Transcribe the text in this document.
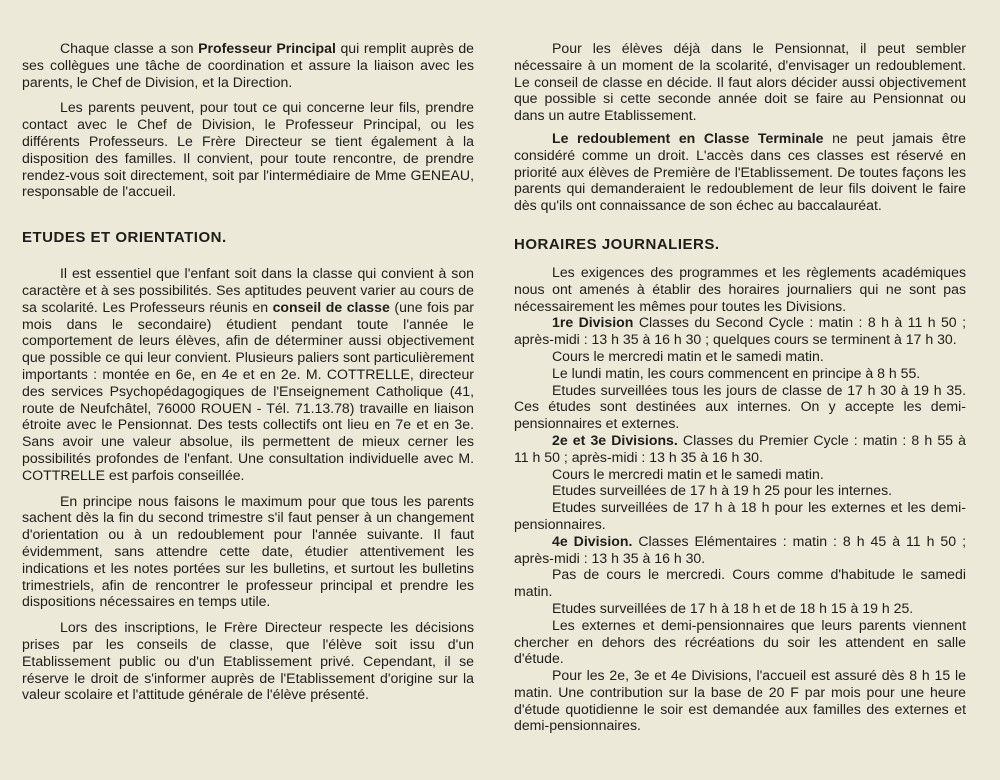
Chaque classe a son Professeur Principal qui remplit auprès de ses collègues une tâche de coordination et assure la liaison avec les parents, le Chef de Division, et la Direction.

Les parents peuvent, pour tout ce qui concerne leur fils, prendre contact avec le Chef de Division, le Professeur Principal, ou les différents Professeurs. Le Frère Directeur se tient également à la disposition des familles. Il convient, pour toute rencontre, de prendre rendez-vous soit directement, soit par l'intermédiaire de Mme GENEAU, responsable de l'accueil.

ETUDES ET ORIENTATION.

Il est essentiel que l'enfant soit dans la classe qui convient à son caractère et à ses possibilités. Ses aptitudes peuvent varier au cours de sa scolarité. Les Professeurs réunis en conseil de classe (une fois par mois dans le secondaire) étudient pendant toute l'année le comportement de leurs élèves, afin de déterminer aussi objectivement que possible ce qui leur convient. Plusieurs paliers sont particulièrement importants : montée en 6e, en 4e et en 2e. M. COTTRELLE, directeur des services Psychopédagogiques de l'Enseignement Catholique (41, route de Neufchâtel, 76000 ROUEN - Tél. 71.13.78) travaille en liaison étroite avec le Pensionnat. Des tests collectifs ont lieu en 7e et en 3e. Sans avoir une valeur absolue, ils permettent de mieux cerner les possibilités profondes de l'enfant. Une consultation individuelle avec M. COTTRELLE est parfois conseillée.

En principe nous faisons le maximum pour que tous les parents sachent dès la fin du second trimestre s'il faut penser à un changement d'orientation ou à un redoublement pour l'année suivante. Il faut évidemment, sans attendre cette date, étudier attentivement les indications et les notes portées sur les bulletins, et surtout les bulletins trimestriels, afin de rencontrer le professeur principal et prendre les dispositions nécessaires en temps utile.

Lors des inscriptions, le Frère Directeur respecte les décisions prises par les conseils de classe, que l'élève soit issu d'un Etablissement public ou d'un Etablissement privé. Cependant, il se réserve le droit de s'informer auprès de l'Etablissement d'origine sur la valeur scolaire et l'attitude générale de l'élève présenté.

Pour les élèves déjà dans le Pensionnat, il peut sembler nécessaire à un moment de la scolarité, d'envisager un redoublement. Le conseil de classe en décide. Il faut alors décider aussi objectivement que possible si cette seconde année doit se faire au Pensionnat ou dans un autre Etablissement.

Le redoublement en Classe Terminale ne peut jamais être considéré comme un droit. L'accès dans ces classes est réservé en priorité aux élèves de Première de l'Etablissement. De toutes façons les parents qui demanderaient le redoublement de leur fils doivent le faire dès qu'ils ont connaissance de son échec au baccalauréat.

HORAIRES JOURNALIERS.

Les exigences des programmes et les règlements académiques nous ont amenés à établir des horaires journaliers qui ne sont pas nécessairement les mêmes pour toutes les Divisions.

1re Division Classes du Second Cycle : matin : 8 h à 11 h 50 ; après-midi : 13 h 35 à 16 h 30 ; quelques cours se terminent à 17 h 30.

Cours le mercredi matin et le samedi matin.

Le lundi matin, les cours commencent en principe à 8 h 55.

Etudes surveillées tous les jours de classe de 17 h 30 à 19 h 35. Ces études sont destinées aux internes. On y accepte les demi-pensionnaires et externes.

2e et 3e Divisions. Classes du Premier Cycle : matin : 8 h 55 à 11 h 50 ; après-midi : 13 h 35 à 16 h 30.

Cours le mercredi matin et le samedi matin.

Etudes surveillées de 17 h à 19 h 25 pour les internes.

Etudes surveillées de 17 h à 18 h pour les externes et les demi-pensionnaires.

4e Division. Classes Elémentaires : matin : 8 h 45 à 11 h 50 ; après-midi : 13 h 35 à 16 h 30.

Pas de cours le mercredi. Cours comme d'habitude le samedi matin.

Etudes surveillées de 17 h à 18 h et de 18 h 15 à 19 h 25.

Les externes et demi-pensionnaires que leurs parents viennent chercher en dehors des récréations du soir les attendent en salle d'étude.

Pour les 2e, 3e et 4e Divisions, l'accueil est assuré dès 8 h 15 le matin. Une contribution sur la base de 20 F par mois pour une heure d'étude quotidienne le soir est demandée aux familles des externes et demi-pensionnaires.
